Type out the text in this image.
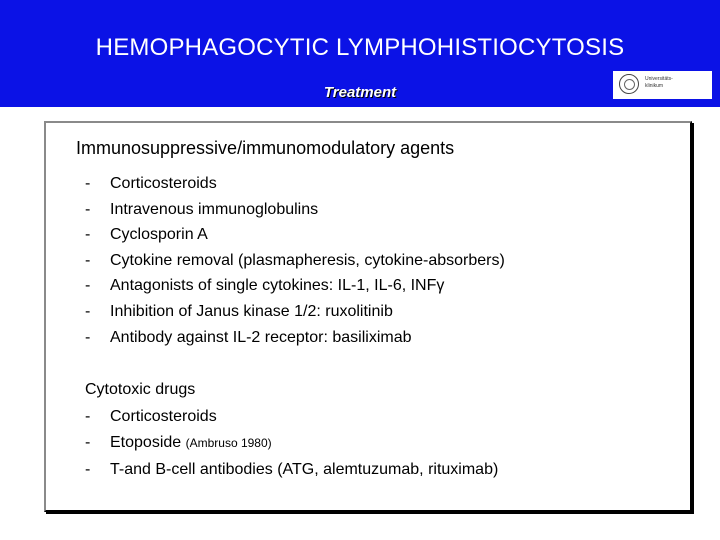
HEMOPHAGOCYTIC LYMPHOHISTIOCYTOSIS
Treatment
Universitäts-
klinikum
Immunosuppressive/immunomodulatory agents
- Corticosteroids
- Intravenous immunoglobulins
- Cyclosporin A
- Cytokine removal (plasmapheresis, cytokine-absorbers)
- Antagonists of single cytokines: IL-1, IL-6, INFγ
- Inhibition of Janus kinase 1/2: ruxolitinib
- Antibody against IL-2 receptor: basiliximab
Cytotoxic drugs
- Corticosteroids
- Etoposide (Ambruso 1980)
- T-and B-cell antibodies (ATG, alemtuzumab, rituximab)
